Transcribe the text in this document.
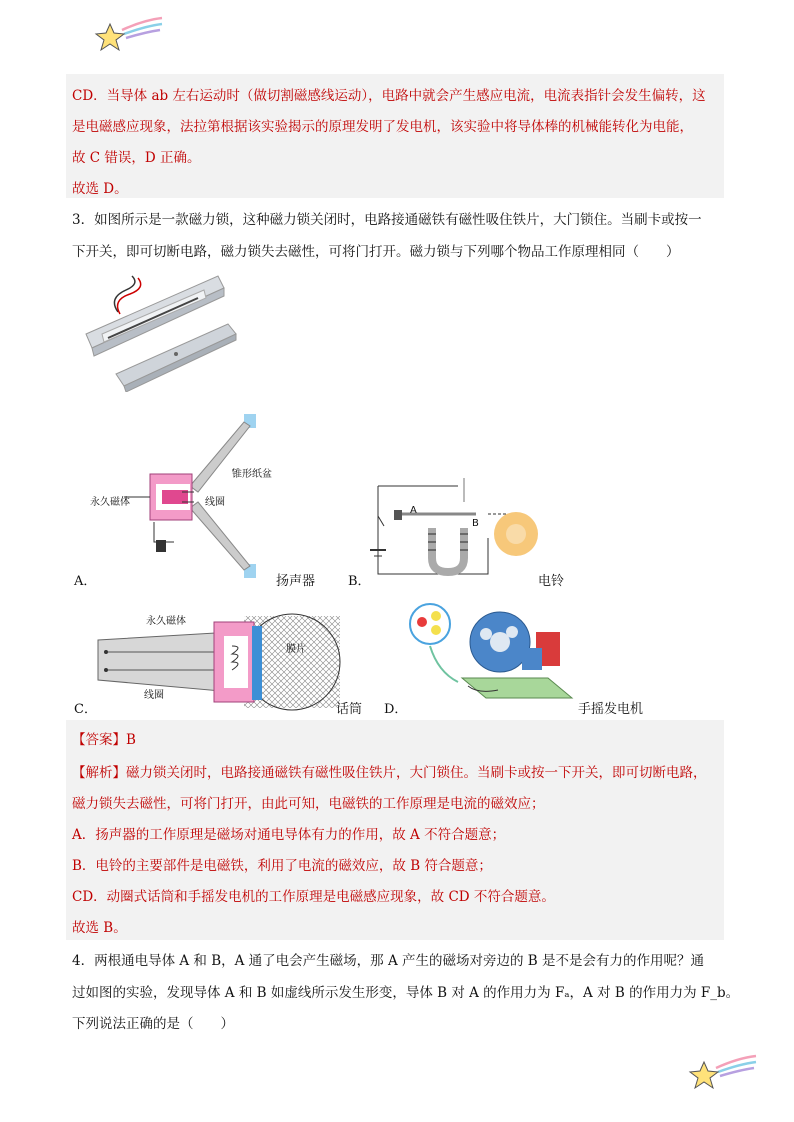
CD．当导体 ab 左右运动时（做切割磁感线运动），电路中就会产生感应电流，电流表指针会发生偏转，这
是电磁感应现象，法拉第根据该实验揭示的原理发明了发电机，该实验中将导体棒的机械能转化为电能，
故 C 错误，D 正确。
故选 D。
3．如图所示是一款磁力锁，这种磁力锁关闭时，电路接通磁铁有磁性吸住铁片，大门锁住。当刷卡或按一
下开关，即可切断电路，磁力锁失去磁性，可将门打开。磁力锁与下列哪个物品工作原理相同（　　）
锥形纸盆
永久磁体	线圈
A．	扬声器
A
B
B．	电铃
永久磁体
膜片
线圈
C．	话筒 D．	手摇发电机
【答案】B
【解析】磁力锁关闭时，电路接通磁铁有磁性吸住铁片，大门锁住。当刷卡或按一下开关，即可切断电路，
磁力锁失去磁性，可将门打开，由此可知，电磁铁的工作原理是电流的磁效应；
A．扬声器的工作原理是磁场对通电导体有力的作用，故 A 不符合题意；
B．电铃的主要部件是电磁铁，利用了电流的磁效应，故 B 符合题意；
CD．动圈式话筒和手摇发电机的工作原理是电磁感应现象，故 CD 不符合题意。
故选 B。
4．两根通电导体 A 和 B，A 通了电会产生磁场，那 A 产生的磁场对旁边的 B 是不是会有力的作用呢？通
过如图的实验，发现导体 A 和 B 如虚线所示发生形变，导体 B 对 A 的作用力为 Fₐ，A 对 B 的作用力为 F_b。
下列说法正确的是（　　）
